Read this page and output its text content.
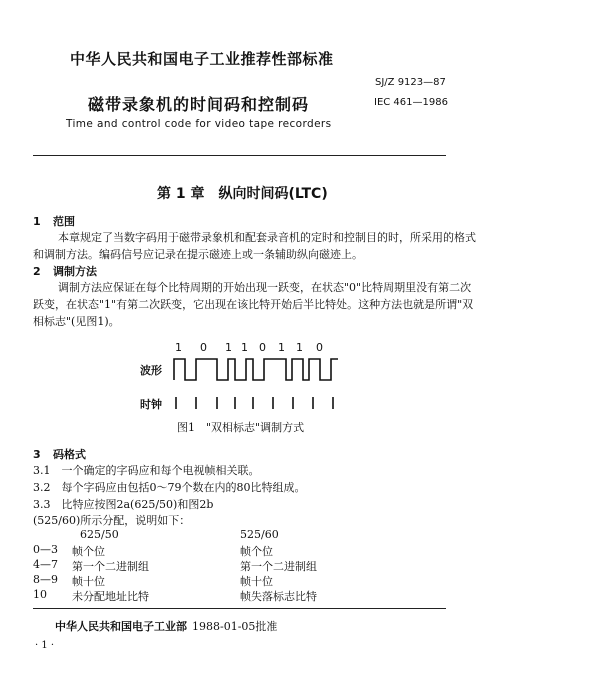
中华人民共和国电子工业推荐性部标准
SJ/Z 9123—87
磁带录象机的时间码和控制码	IEC 461—1986
Time and control code for video tape recorders
第 1 章　纵向时间码(LTC)
1 范围
本章规定了当数字码用于磁带录象机和配套录音机的定时和控制目的时，所采用的格式
和调制方法。编码信号应记录在提示磁迹上或一条辅助纵向磁迹上。
2 调制方法
调制方法应保证在每个比特周期的开始出现一跃变，在状态"0"比特周期里没有第二次
跃变，在状态"1"有第二次跃变，它出现在该比特开始后半比特处。这种方法也就是所谓"双
相标志"(见图1)。
1 0 1 1 0 1 1 0
波形
时钟
图1　"双相标志"调制方式
3 码格式
3.1　一个确定的字码应和每个电视帧相关联。
3.2　每个字码应由包括0～79个数在内的80比特组成。
3.3　比特应按图2a(625/50)和图2b
(525/60)所示分配，说明如下：
625/50	525/60
0—3 帧个位	帧个位
4—7 第一个二进制组	第一个二进制组
8—9 帧十位	帧十位
10 未分配地址比特	帧失落标志比特
中华人民共和国电子工业部 1988-01-05批准
· 1 ·
